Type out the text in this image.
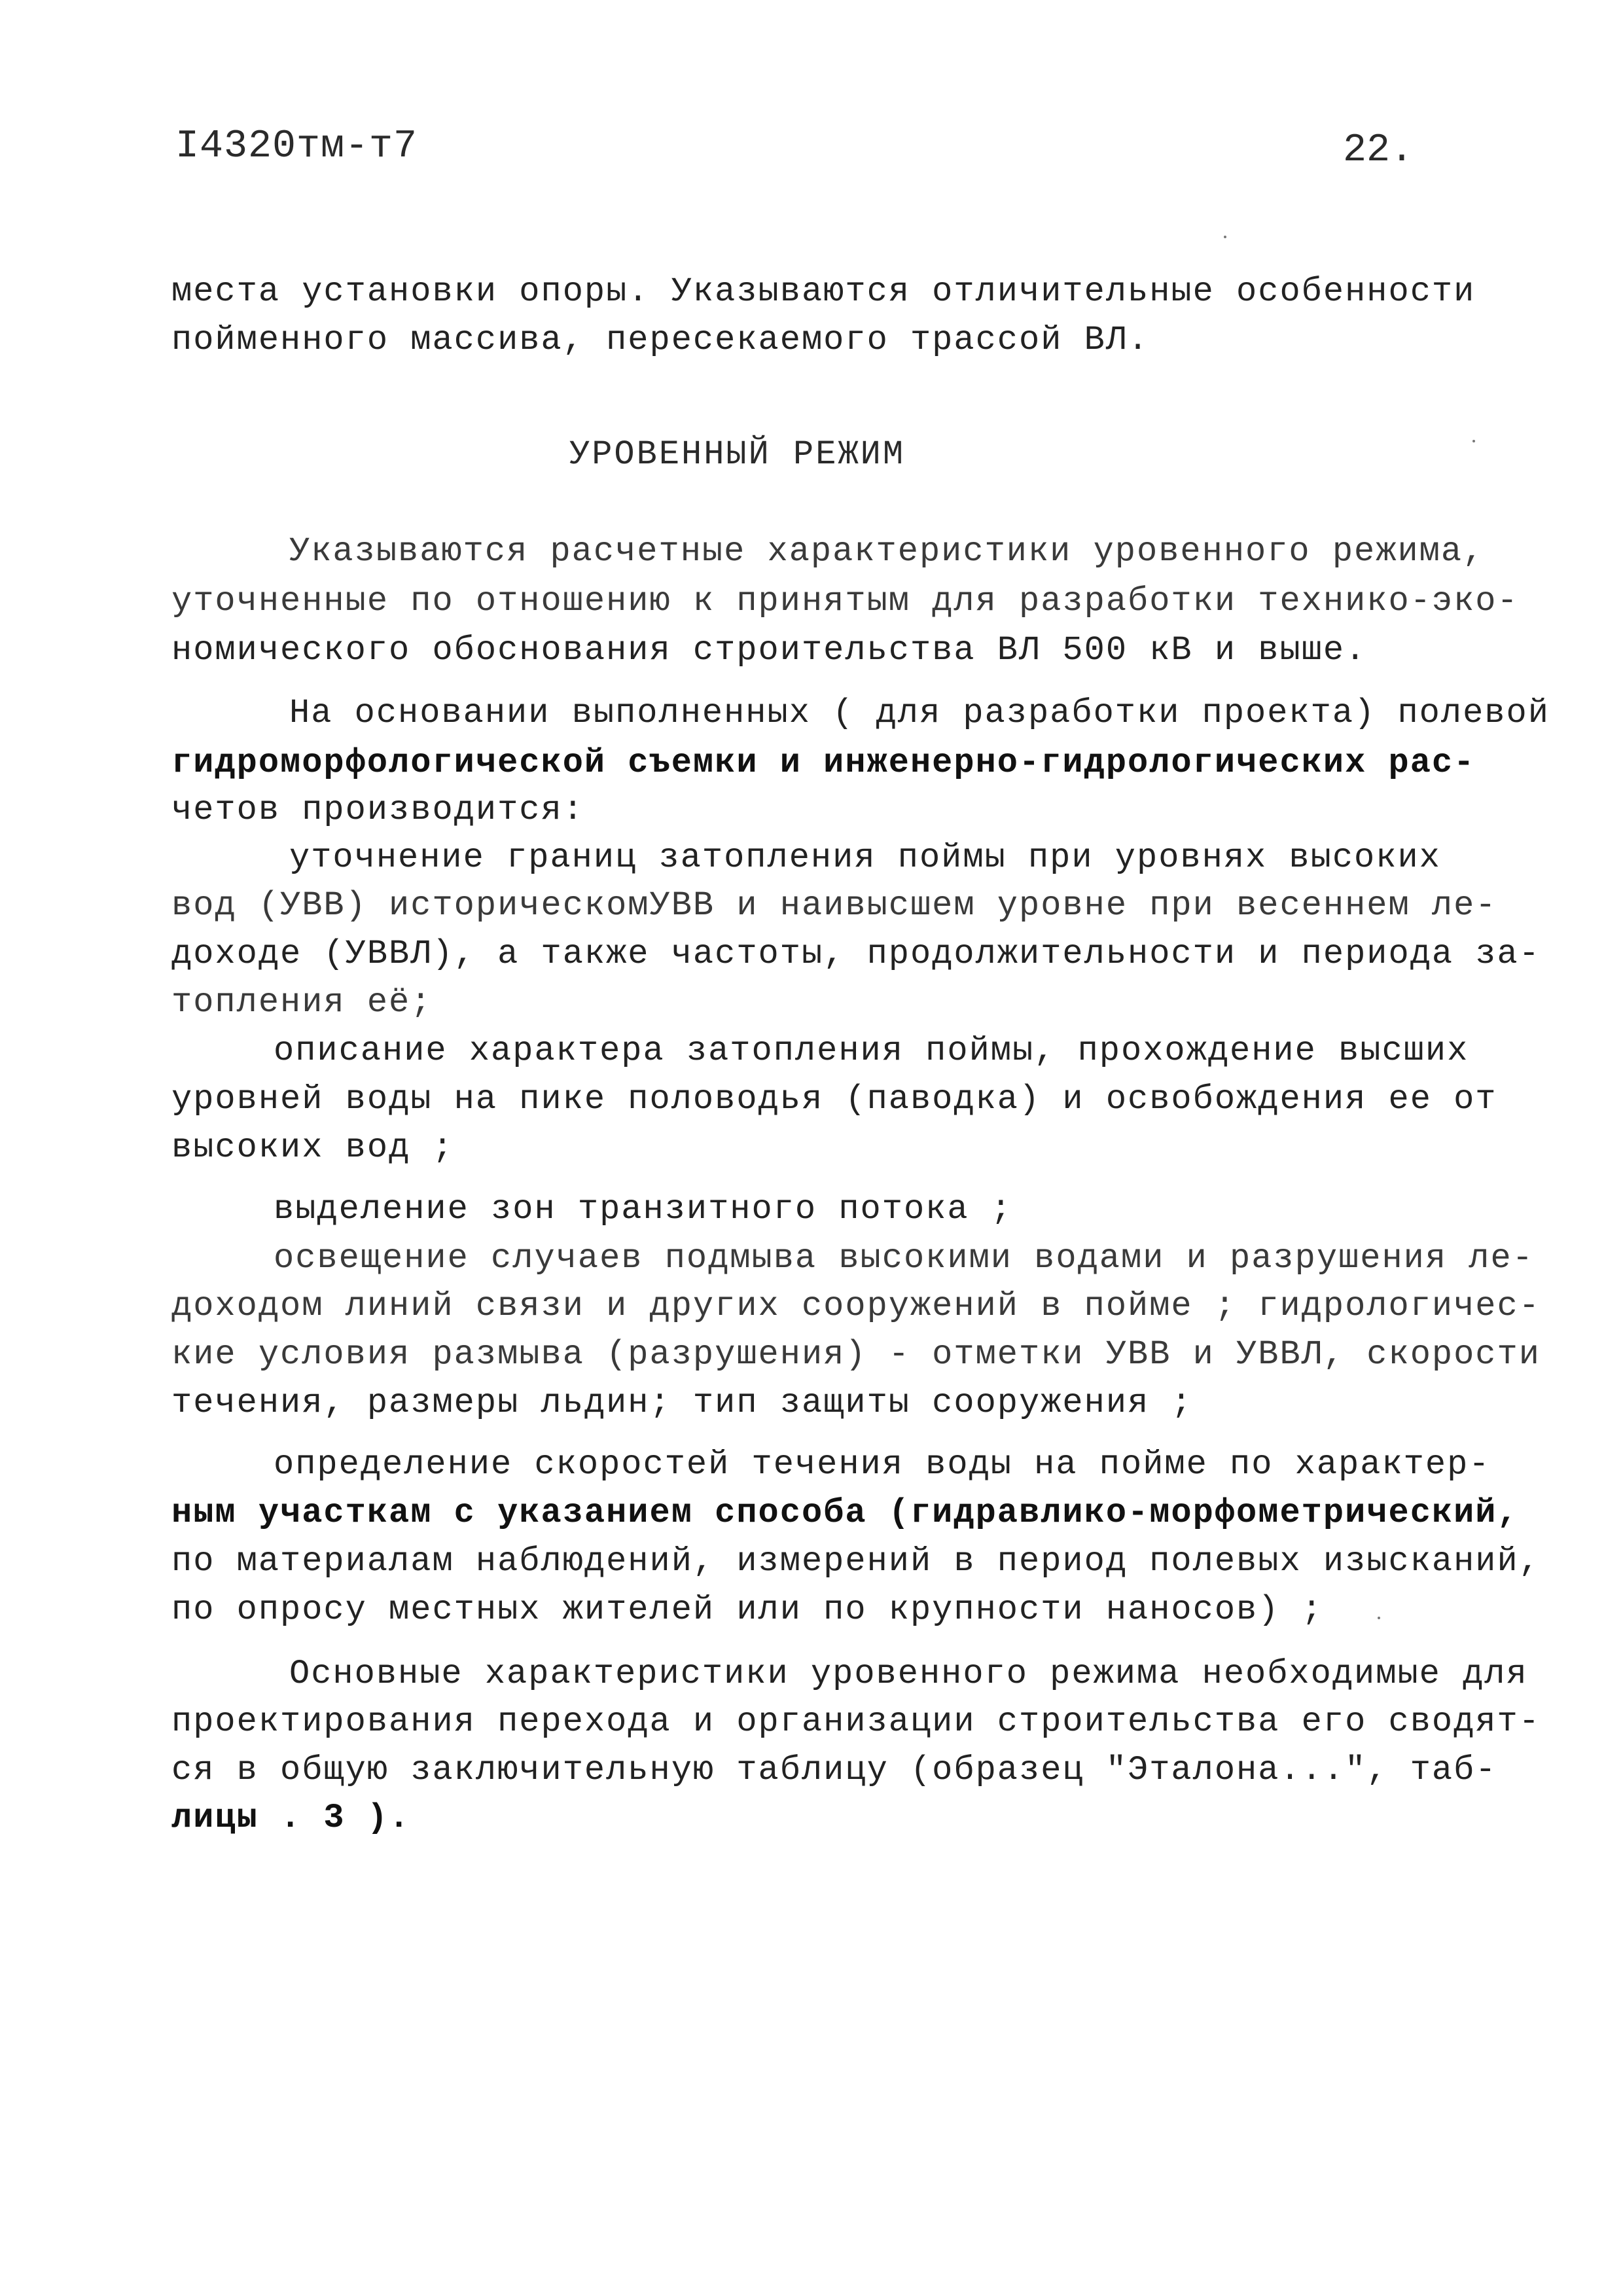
I4320тм-т7	22.
места установки опоры. Указываются отличительные особенности
пойменного массива, пересекаемого трассой ВЛ.
УРОВЕННЫЙ РЕЖИМ
Указываются расчетные характеристики уровенного режима,
уточненные по отношению к принятым для разработки технико-эко-
номического обоснования строительства ВЛ 500 кВ и выше.
На основании выполненных ( для разработки проекта) полевой
гидроморфологической съемки и инженерно-гидрологических рас-
четов производится:
уточнение границ затопления поймы при уровнях высоких
вод (УВВ) историческомУВВ и наивысшем уровне при весеннем ле-
доходе (УВВЛ), а также частоты, продолжительности и периода за-
топления её;
описание характера затопления поймы, прохождение высших
уровней воды на пике половодья (паводка) и освобождения ее от
высоких вод ;
выделение зон транзитного потока ;
освещение случаев подмыва высокими водами и разрушения ле-
доходом линий связи и других сооружений в пойме ; гидрологичес-
кие условия размыва (разрушения) - отметки УВВ и УВВЛ, скорости
течения, размеры льдин; тип защиты сооружения ;
определение скоростей течения воды на пойме по характер-
ным участкам с указанием способа (гидравлико-морфометрический,
по материалам наблюдений, измерений в период полевых изысканий,
по опросу местных жителей или по крупности наносов) ;
Основные характеристики уровенного режима необходимые для
проектирования перехода и организации строительства его сводят-
ся в общую заключительную таблицу (образец "Эталона...", таб-
лицы . 3 ).
